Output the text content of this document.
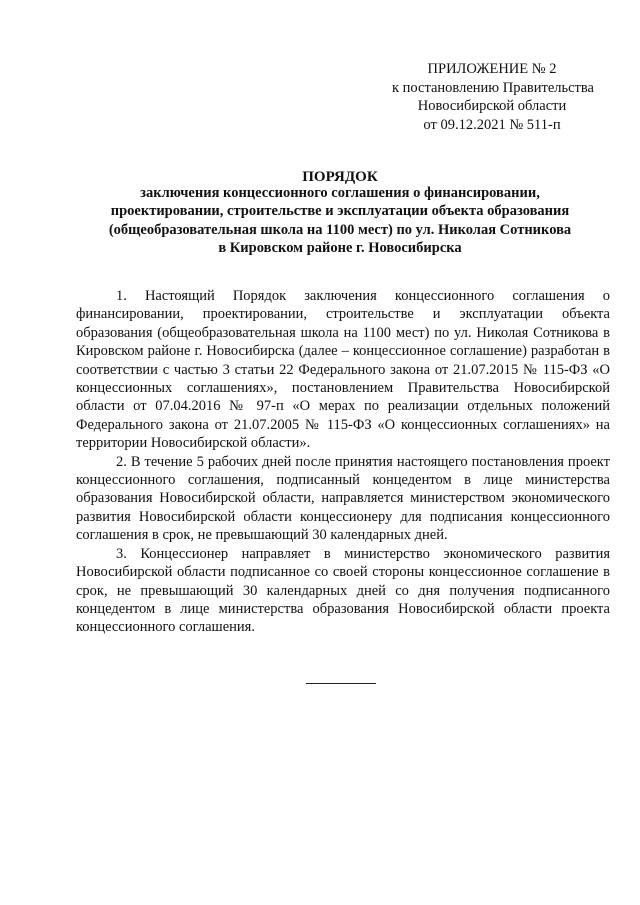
ПРИЛОЖЕНИЕ № 2
к постановлению Правительства
Новосибирской области
от 09.12.2021 № 511-п
ПОРЯДОК
заключения концессионного соглашения о финансировании,
проектировании, строительстве и эксплуатации объекта образования
(общеобразовательная школа на 1100 мест) по ул. Николая Сотникова
в Кировском районе г. Новосибирска

1. Настоящий Порядок заключения концессионного соглашения о финансировании, проектировании, строительстве и эксплуатации объекта образования (общеобразовательная школа на 1100 мест) по ул. Николая Сотникова в Кировском районе г. Новосибирска (далее – концессионное соглашение) разработан в соответствии с частью 3 статьи 22 Федерального закона от 21.07.2015 № 115-ФЗ «О концессионных соглашениях», постановлением Правительства Новосибирской области от 07.04.2016 № 97-п «О мерах по реализации отдельных положений Федерального закона от 21.07.2005 № 115-ФЗ «О концессионных соглашениях» на территории Новосибирской области».

2. В течение 5 рабочих дней после принятия настоящего постановления проект концессионного соглашения, подписанный концедентом в лице министерства образования Новосибирской области, направляется министерством экономического развития Новосибирской области концессионеру для подписания концессионного соглашения в срок, не превышающий 30 календарных дней.

3. Концессионер направляет в министерство экономического развития Новосибирской области подписанное со своей стороны концессионное соглашение в срок, не превышающий 30 календарных дней со дня получения подписанного концедентом в лице министерства образования Новосибирской области проекта концессионного соглашения.
